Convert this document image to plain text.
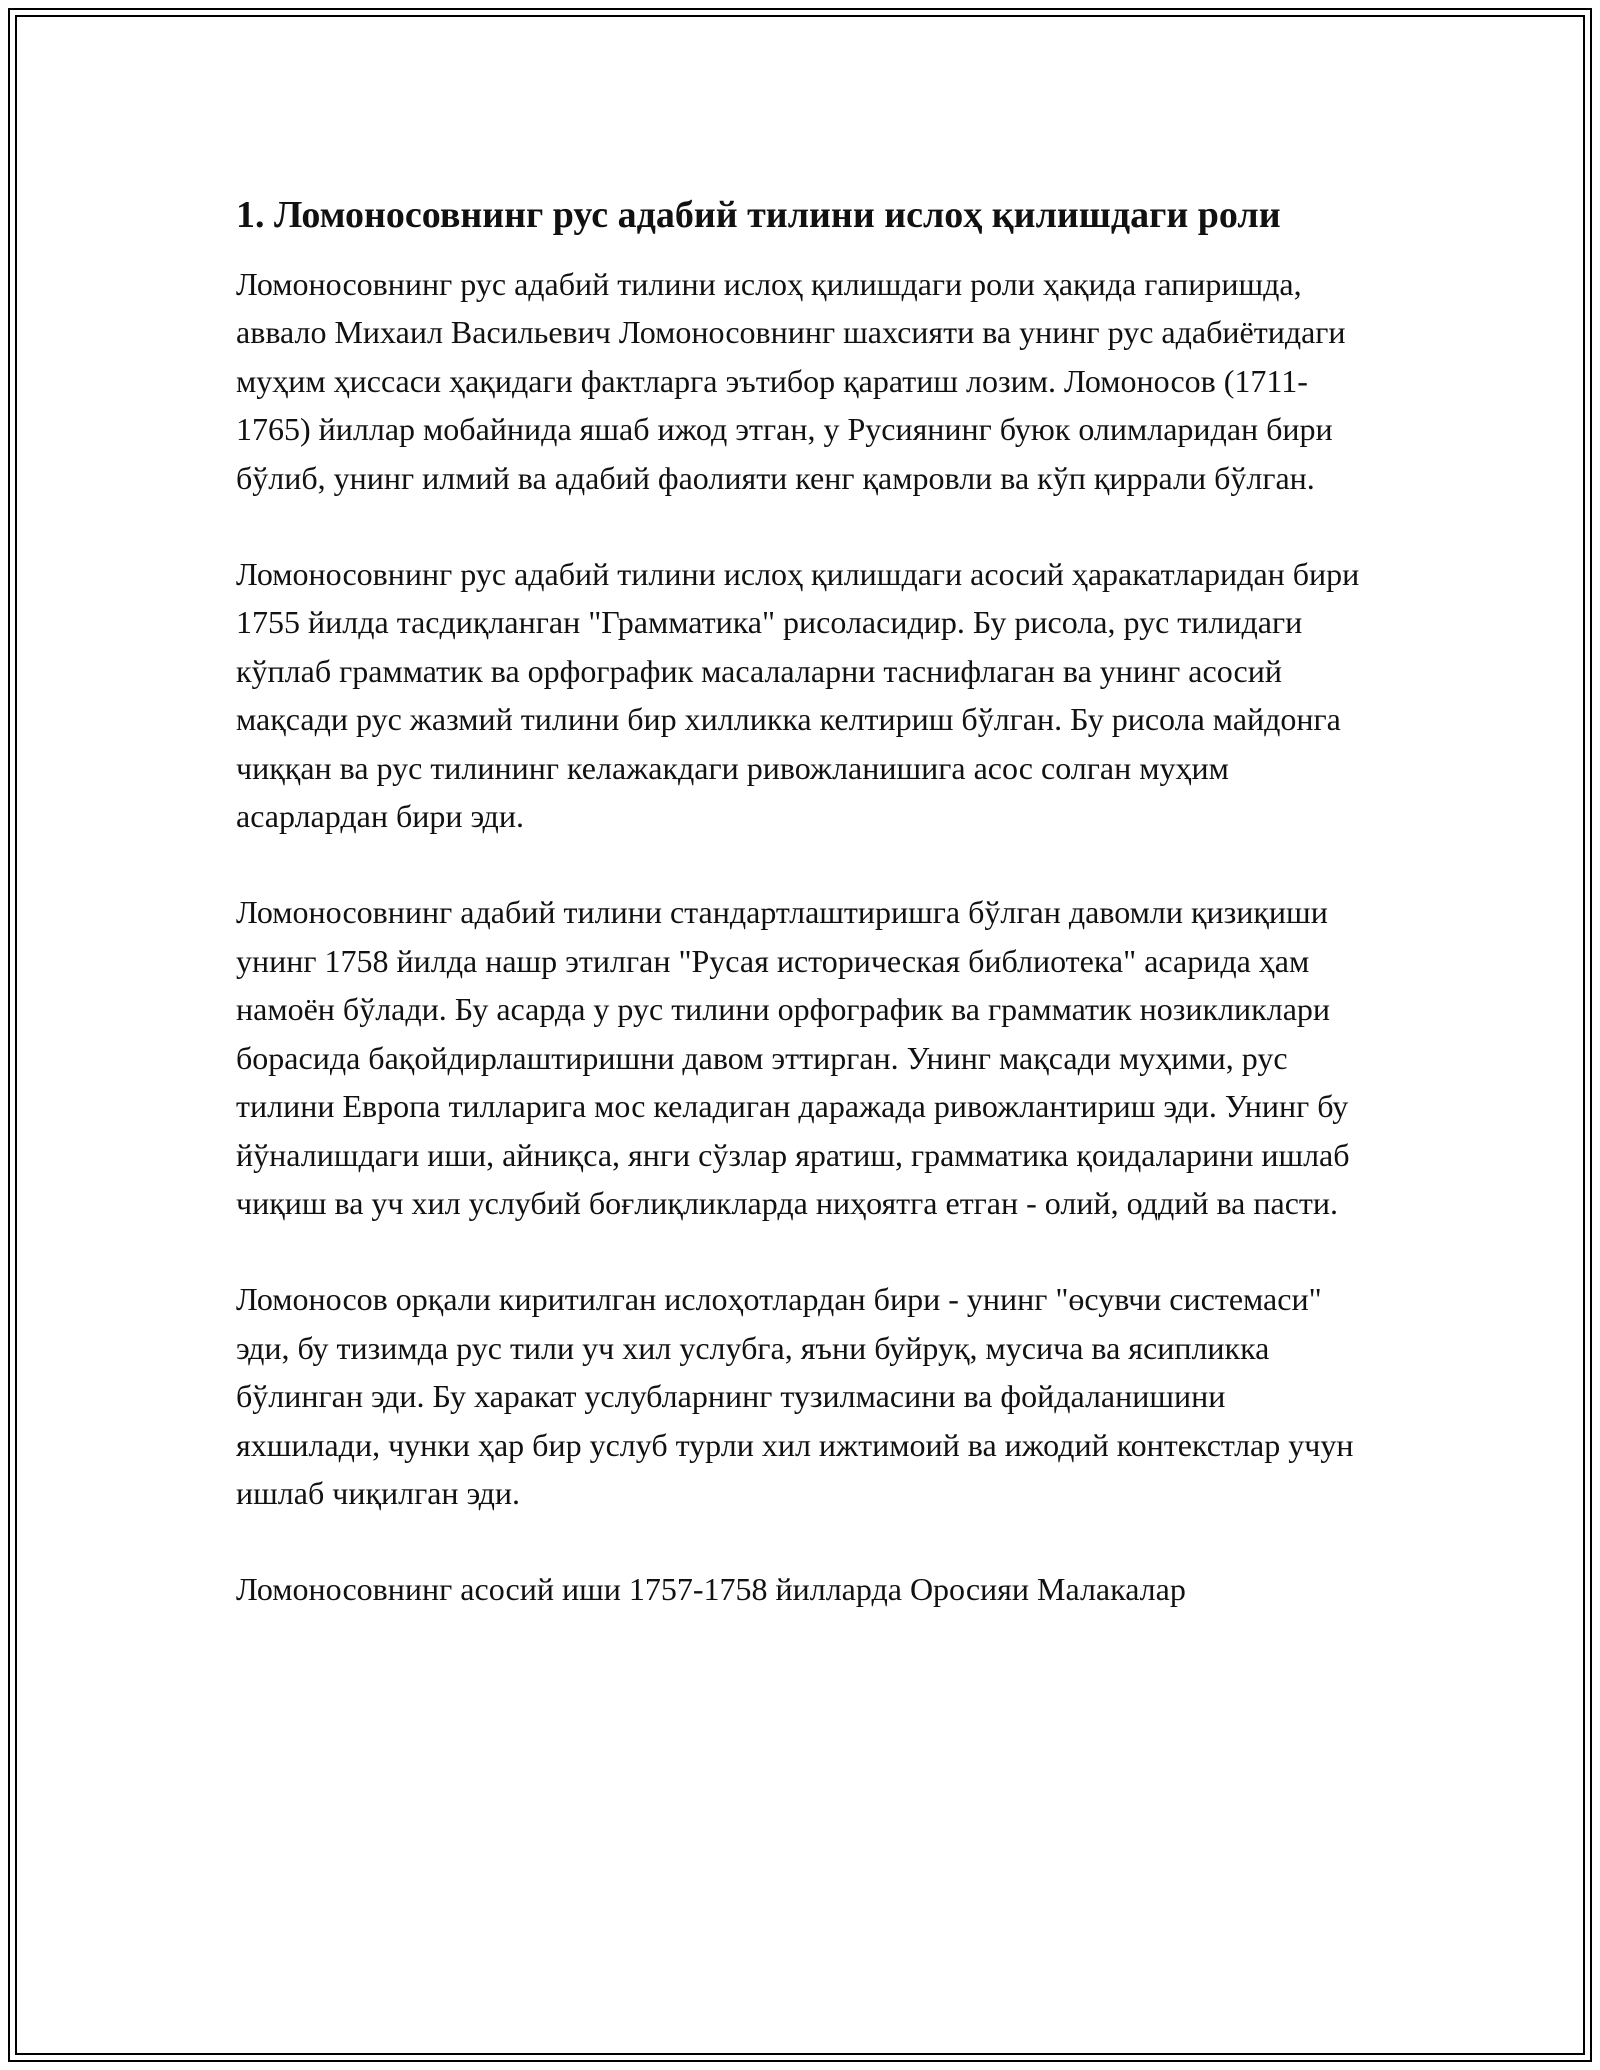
1. Ломоносовнинг рус адабий тилини ислоҳ қилишдаги роли

Ломоносовнинг рус адабий тилини ислоҳ қилишдаги роли ҳақида гапиришда, аввало Михаил Васильевич Ломоносовнинг шахсияти ва унинг рус адабиётидаги муҳим ҳиссаси ҳақидаги фактларга эътибор қаратиш лозим. Ломоносов (1711-1765) йиллар мобайнида яшаб ижод этган, у Русиянинг буюк олимларидан бири бўлиб, унинг илмий ва адабий фаолияти кенг қамровли ва кўп қиррали бўлган.

Ломоносовнинг рус адабий тилини ислоҳ қилишдаги асосий ҳаракатларидан бири 1755 йилда тасдиқланган "Грамматика" рисоласидир. Бу рисола, рус тилидаги кўплаб грамматик ва орфографик масалаларни таснифлаган ва унинг асосий мақсади рус жазмий тилини бир хилликка келтириш бўлган. Бу рисола майдонга чиққан ва рус тилининг келажакдаги ривожланишига асос солган муҳим асарлардан бири эди.

Ломоносовнинг адабий тилини стандартлаштиришга бўлган давомли қизиқиши унинг 1758 йилда нашр этилган "Русая историческая библиотека" асарида ҳам намоён бўлади. Бу асарда у рус тилини орфографик ва грамматик нозикликлари борасида бақойдирлаштиришни давом эттирган. Унинг мақсади муҳими, рус тилини Европа тилларига мос келадиган даражада ривожлантириш эди. Унинг бу йўналишдаги иши, айниқса, янги сўзлар яратиш, грамматика қоидаларини ишлаб чиқиш ва уч хил услубий боғлиқликларда ниҳоятга етган - олий, оддий ва пасти.

Ломоносов орқали киритилган ислоҳотлардан бири - унинг "өсувчи системаси" эди, бу тизимда рус тили уч хил услубга, яъни буйруқ, мусича ва ясипликка бўлинган эди. Бу харакат услубларнинг тузилмасини ва фойдаланишини яхшилади, чунки ҳар бир услуб турли хил ижтимоий ва ижодий контекстлар учун ишлаб чиқилган эди.

Ломоносовнинг асосий иши 1757-1758 йилларда Оросияи Малакалар
